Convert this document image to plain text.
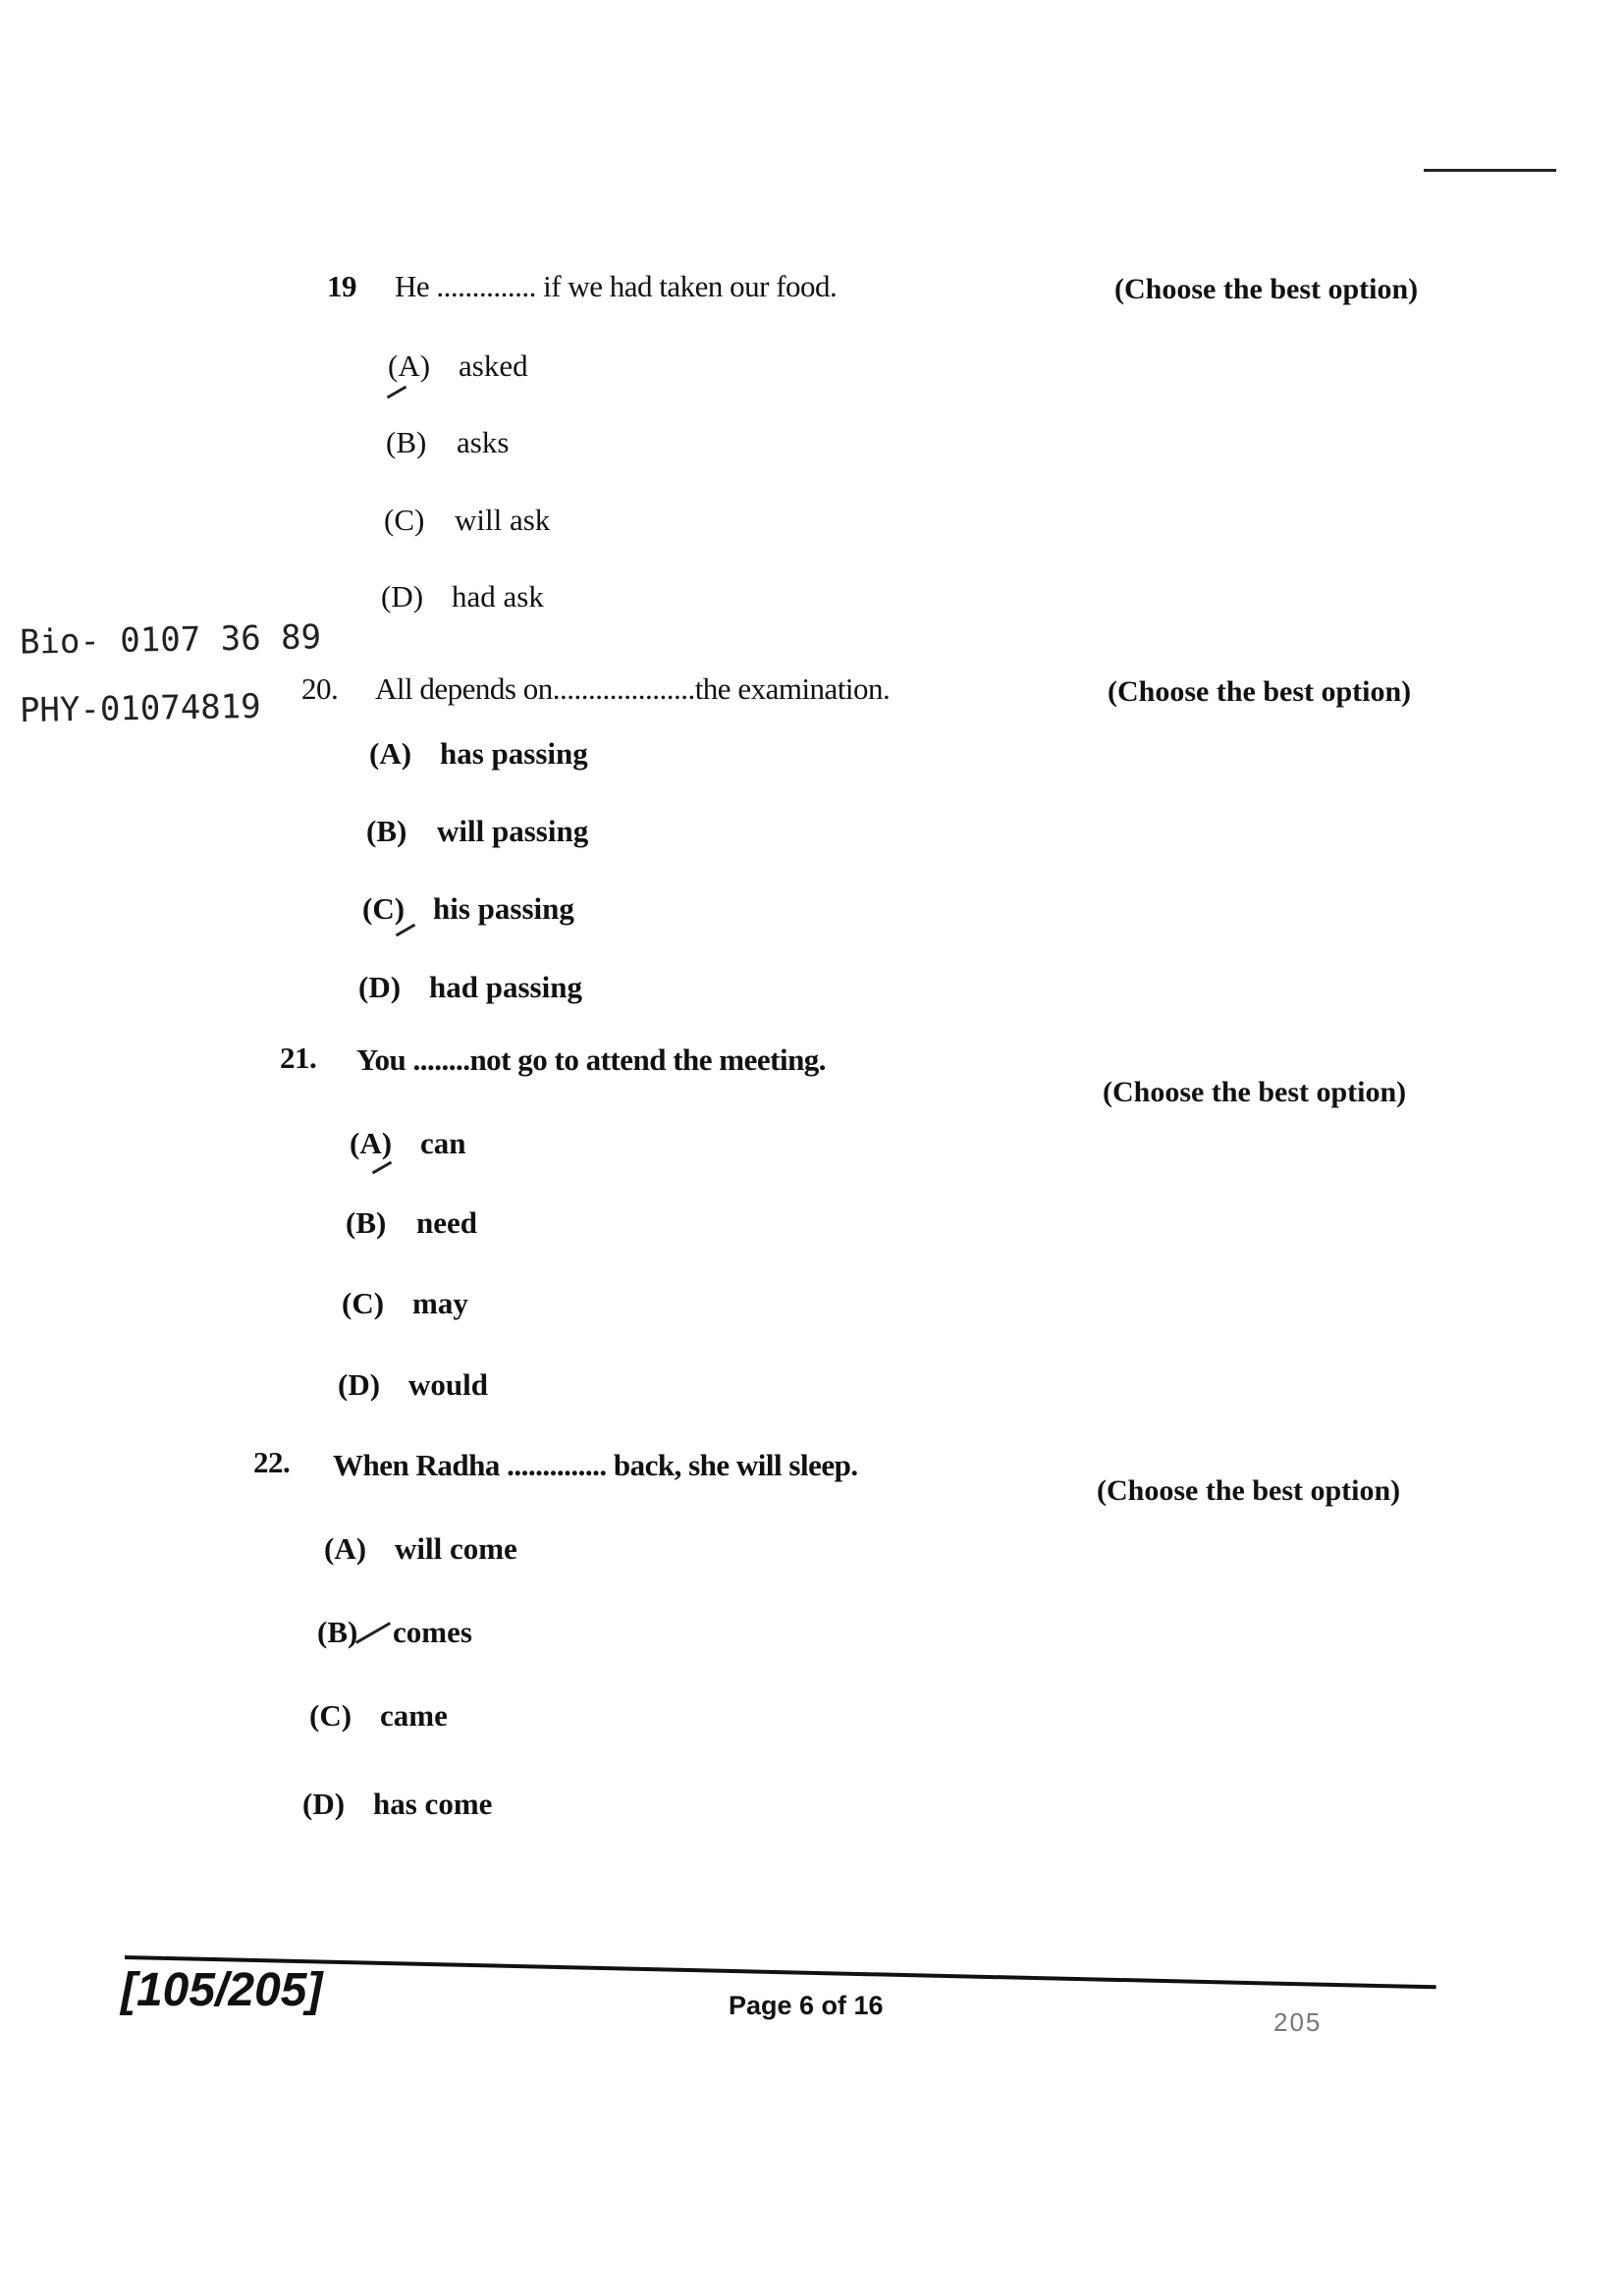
19 He .............. if we had taken our food.	(Choose the best option)
(A) asked
(B) asks
(C) will ask
(D) had ask
Bio- 0107 36 89
PHY-01074819 20. All depends on....................the examination.	(Choose the best option)
(A) has passing
(B) will passing
(C) his passing
(D) had passing
21. You ........not go to attend the meeting.
(Choose the best option)
(A) can
(B) need
(C) may
(D) would
22. When Radha .............. back, she will sleep.
(Choose the best option)
(A) will come
(B) comes
(C) came
(D) has come
[105/205]	Page 6 of 16
205
